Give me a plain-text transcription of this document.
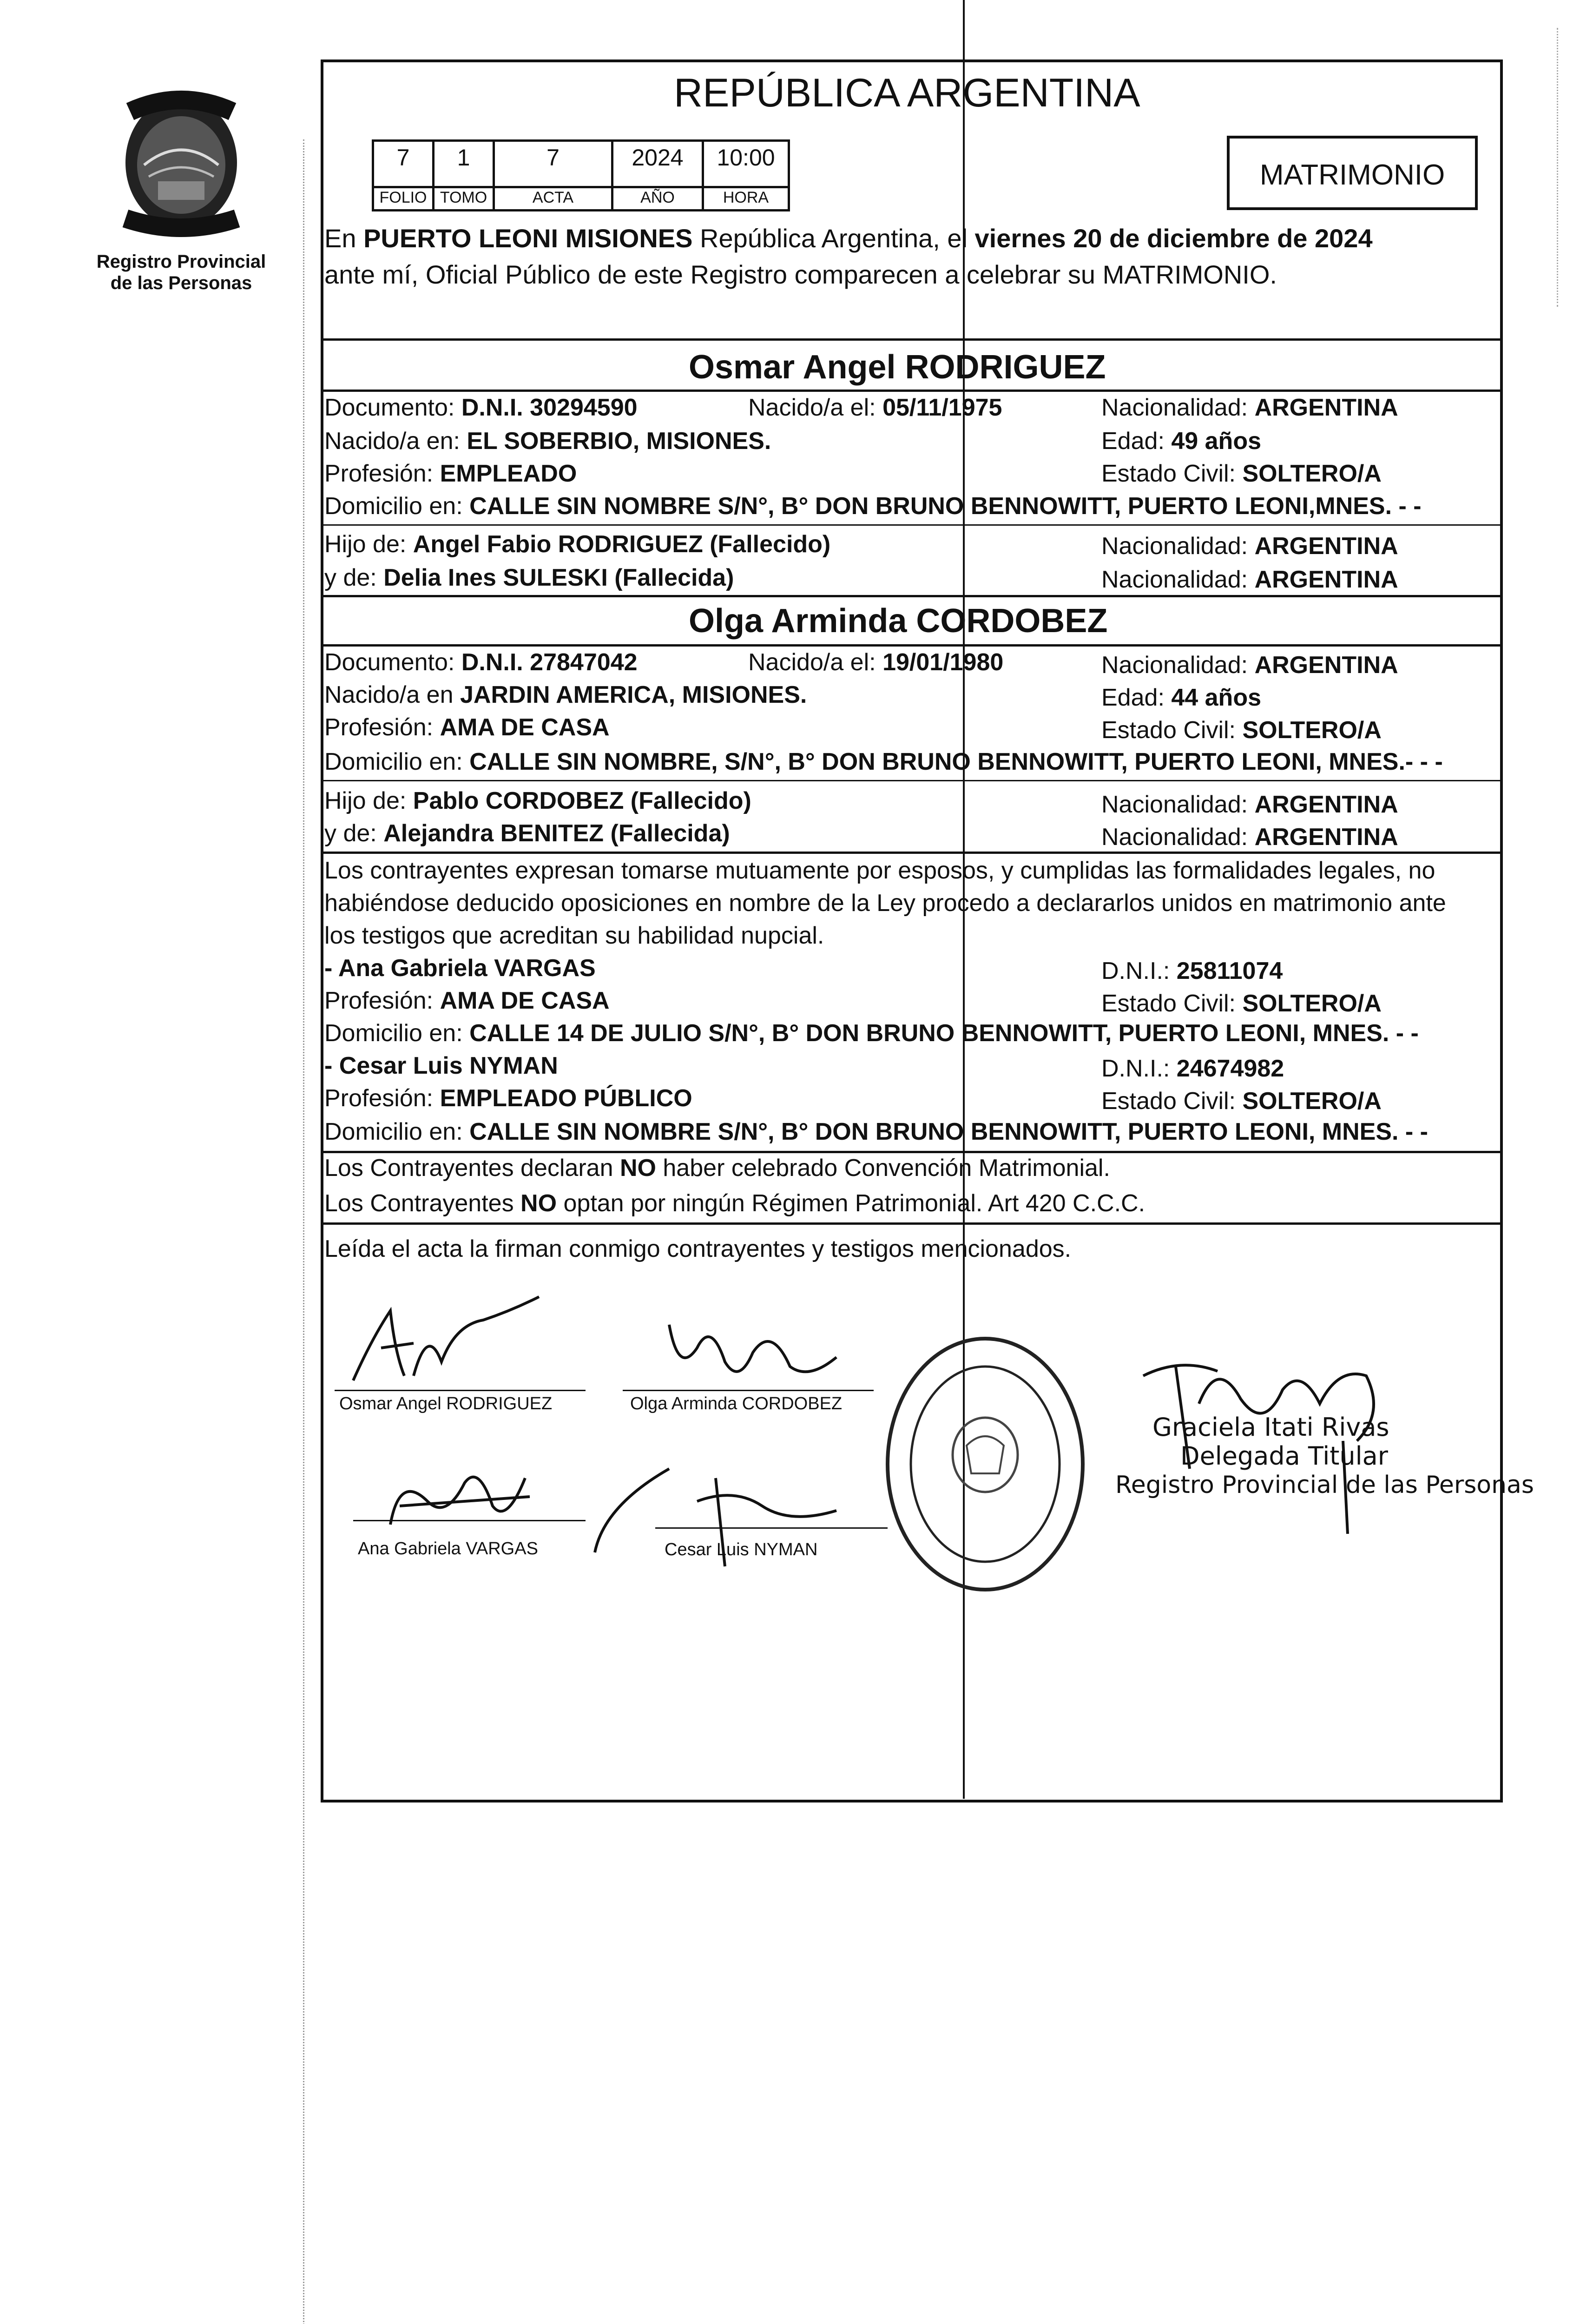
Registro Provincial
de las Personas
REPÚBLICA ARGENTINA
7	1	7	2024	10:00
FOLIO TOMO	ACTA	AÑO	HORA
MATRIMONIO
En PUERTO LEONI MISIONES República Argentina, el viernes 20 de diciembre de 2024
ante mí, Oficial Público de este Registro comparecen a celebrar su MATRIMONIO.
Osmar Angel RODRIGUEZ
Documento: D.N.I. 30294590	Nacido/a el: 05/11/1975	Nacionalidad: ARGENTINA
Nacido/a en: EL SOBERBIO, MISIONES.	Edad: 49 años
Profesión: EMPLEADO	Estado Civil: SOLTERO/A
Domicilio en: CALLE SIN NOMBRE S/N°, B° DON BRUNO BENNOWITT, PUERTO LEONI,MNES. - -
Hijo de: Angel Fabio RODRIGUEZ (Fallecido)	Nacionalidad: ARGENTINA
y de: Delia Ines SULESKI (Fallecida)	Nacionalidad: ARGENTINA
Olga Arminda CORDOBEZ
Documento: D.N.I. 27847042	Nacido/a el: 19/01/1980	Nacionalidad: ARGENTINA
Nacido/a en JARDIN AMERICA, MISIONES.	Edad: 44 años
Profesión: AMA DE CASA	Estado Civil: SOLTERO/A
Domicilio en: CALLE SIN NOMBRE, S/N°, B° DON BRUNO BENNOWITT, PUERTO LEONI, MNES.- - -
Hijo de: Pablo CORDOBEZ (Fallecido)	Nacionalidad: ARGENTINA
y de: Alejandra BENITEZ (Fallecida)	Nacionalidad: ARGENTINA
Los contrayentes expresan tomarse mutuamente por esposos, y cumplidas las formalidades legales, no
habiéndose deducido oposiciones en nombre de la Ley procedo a declararlos unidos en matrimonio ante
los testigos que acreditan su habilidad nupcial.
- Ana Gabriela VARGAS	D.N.I.: 25811074
Profesión: AMA DE CASA	Estado Civil: SOLTERO/A
Domicilio en: CALLE 14 DE JULIO S/N°, B° DON BRUNO BENNOWITT, PUERTO LEONI, MNES. - -
- Cesar Luis NYMAN	D.N.I.: 24674982
Profesión: EMPLEADO PÚBLICO	Estado Civil: SOLTERO/A
Domicilio en: CALLE SIN NOMBRE S/N°, B° DON BRUNO BENNOWITT, PUERTO LEONI, MNES. - -
Los Contrayentes declaran NO haber celebrado Convención Matrimonial.
Los Contrayentes NO optan por ningún Régimen Patrimonial. Art 420 C.C.C.
Leída el acta la firman conmigo contrayentes y testigos mencionados.
Osmar Angel RODRIGUEZ	Olga Arminda CORDOBEZ
Ana Gabriela VARGAS	Cesar Luis NYMAN
Graciela Itati Rivas
Delegada Titular
Registro Provincial de las Personas
